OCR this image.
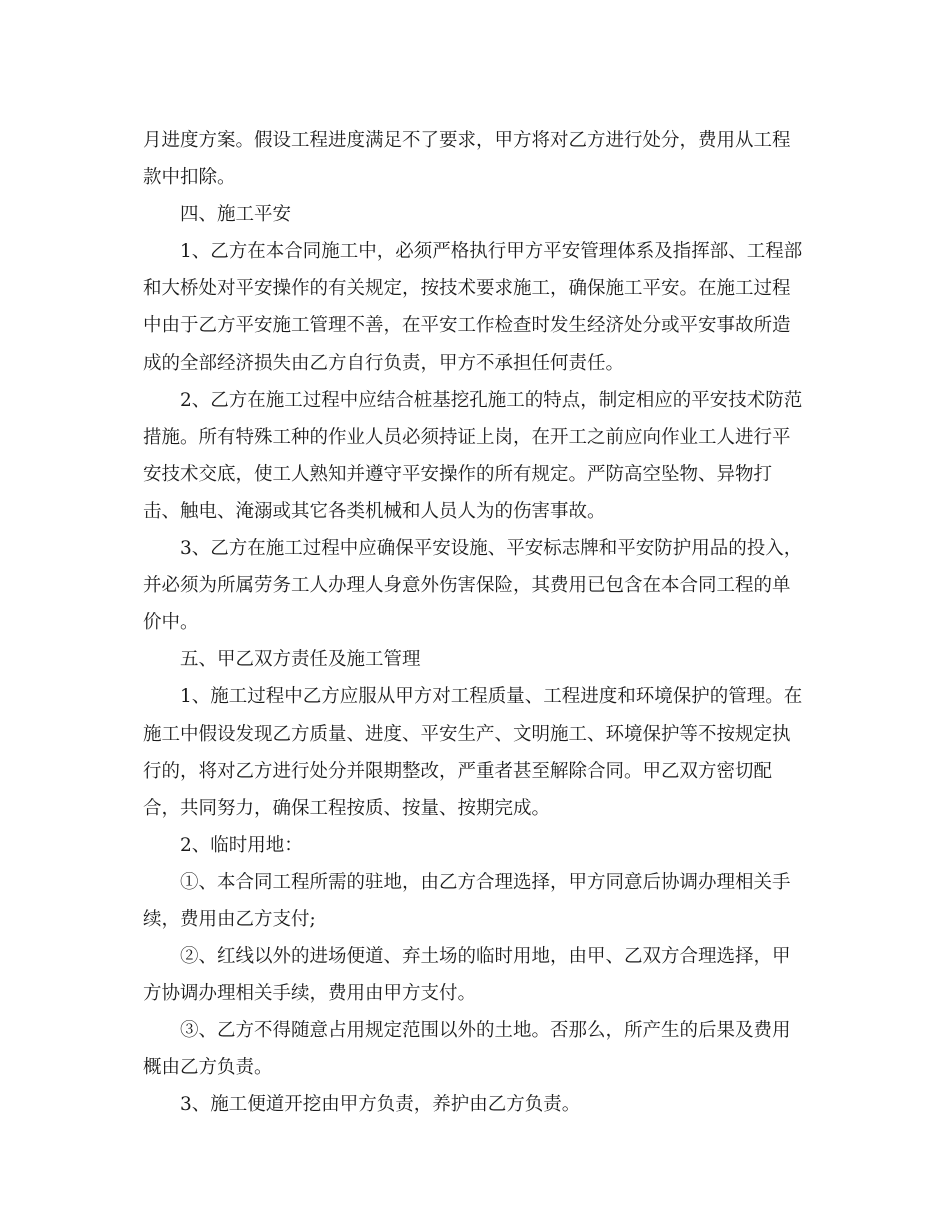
月进度方案。假设工程进度满足不了要求，甲方将对乙方进行处分，费用从工程
款中扣除。

四、施工平安

1、乙方在本合同施工中，必须严格执行甲方平安管理体系及指挥部、工程部
和大桥处对平安操作的有关规定，按技术要求施工，确保施工平安。在施工过程
中由于乙方平安施工管理不善，在平安工作检查时发生经济处分或平安事故所造
成的全部经济损失由乙方自行负责，甲方不承担任何责任。

2、乙方在施工过程中应结合桩基挖孔施工的特点，制定相应的平安技术防范
措施。所有特殊工种的作业人员必须持证上岗，在开工之前应向作业工人进行平
安技术交底，使工人熟知并遵守平安操作的所有规定。严防高空坠物、异物打
击、触电、淹溺或其它各类机械和人员人为的伤害事故。

3、乙方在施工过程中应确保平安设施、平安标志牌和平安防护用品的投入，
并必须为所属劳务工人办理人身意外伤害保险，其费用已包含在本合同工程的单
价中。

五、甲乙双方责任及施工管理

1、施工过程中乙方应服从甲方对工程质量、工程进度和环境保护的管理。在
施工中假设发现乙方质量、进度、平安生产、文明施工、环境保护等不按规定执
行的，将对乙方进行处分并限期整改，严重者甚至解除合同。甲乙双方密切配
合，共同努力，确保工程按质、按量、按期完成。

2、临时用地：

①、本合同工程所需的驻地，由乙方合理选择，甲方同意后协调办理相关手
续，费用由乙方支付;

②、红线以外的进场便道、弃土场的临时用地，由甲、乙双方合理选择，甲
方协调办理相关手续，费用由甲方支付。

③、乙方不得随意占用规定范围以外的土地。否那么，所产生的后果及费用
概由乙方负责。

3、施工便道开挖由甲方负责，养护由乙方负责。
